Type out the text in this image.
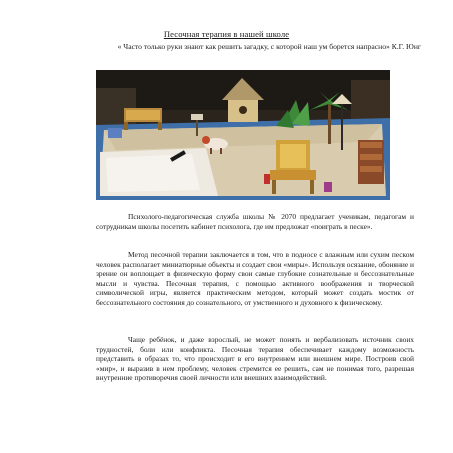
Песочная терапия в нашей школе
« Часто только руки знают как решить загадку, с которой наш ум борется напрасно» К.Г. Юнг
Психолого-педагогическая служба школы № 2070 предлагает ученикам, педагогам и сотрудникам школы посетить кабинет психолога, где им предложат «поиграть в песке».
Метод песочной терапии заключается в том, что в подносе с влажным или сухим песком человек располагает миниатюрные объекты и создает свои «миры». Используя осязание, обоняние и зрение он воплощает в физическую форму свои самые глубокие сознательные и бессознательные мысли и чувства. Песочная терапия, с помощью активного воображения и творческой символической игры, является практическим методом, который может создать мостик от бессознательного состояния до сознательного, от умственного и духовного к физическому.
Чаще ребёнок, и даже взрослый, не может понять и вербализовать источник своих трудностей, боли или конфликта. Песочная терапия обеспечивает каждому возможность представить в образах то, что происходит в его внутреннем или внешнем мире. Построив свой «мир», и выразив в нем проблему, человек стремится ее решить, сам не понимая того, разрешая внутренние противоречия своей личности или внешних взаимодействий.
